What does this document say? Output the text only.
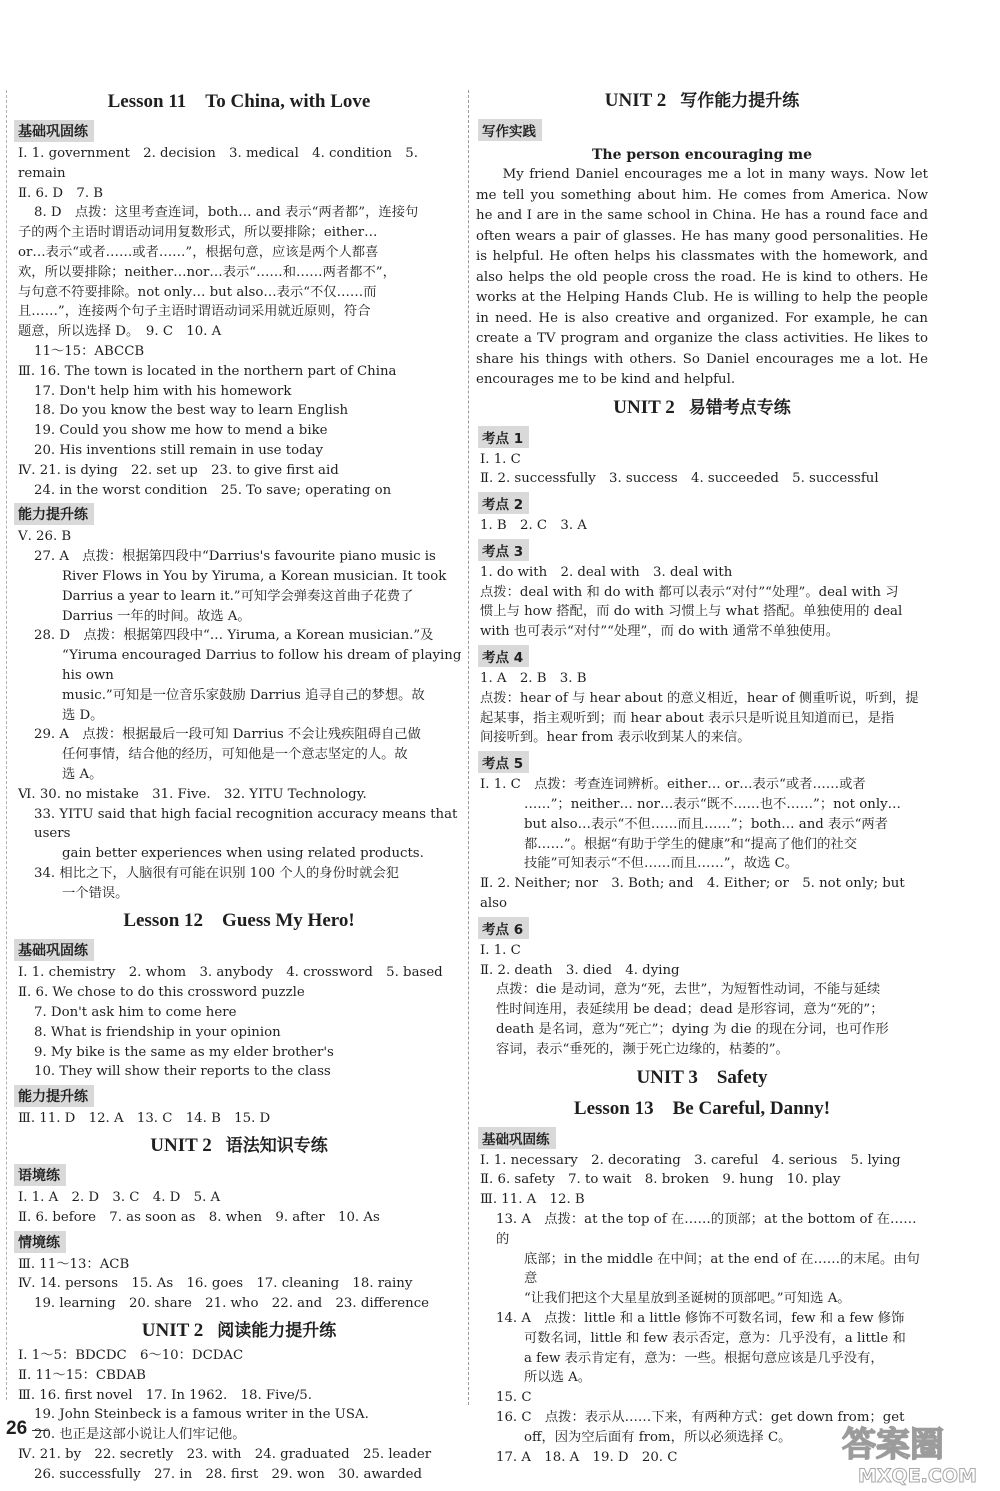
Lesson 11　To China, with Love
基础巩固练

Ⅰ. 1. government　2. decision　3. medical　4. condition　5. remain

Ⅱ. 6. D　7. B

8. D　点拨：这里考查连词，both… and 表示“两者都”，连接句

子的两个主语时谓语动词用复数形式，所以要排除；either…

or…表示“或者……或者……”，根据句意，应该是两个人都喜

欢，所以要排除；neither…nor…表示“……和……两者都不”，

与句意不符要排除。not only… but also…表示“不仅……而

且……”，连接两个句子主语时谓语动词采用就近原则，符合

题意，所以选择 D。　9. C　10. A

11～15：ABCCB

Ⅲ. 16. The town is located in the northern part of China

17. Don't help him with his homework

18. Do you know the best way to learn English

19. Could you show me how to mend a bike

20. His inventions still remain in use today

Ⅳ. 21. is dying　22. set up　23. to give first aid

24. in the worst condition　25. To save; operating on

能力提升练

Ⅴ. 26. B

27. A　点拨：根据第四段中“Darrius's favourite piano music is

River Flows in You by Yiruma, a Korean musician. It took

Darrius a year to learn it.”可知学会弹奏这首曲子花费了

Darrius 一年的时间。故选 A。

28. D　点拨：根据第四段中“… Yiruma, a Korean musician.”及

“Yiruma encouraged Darrius to follow his dream of playing his own

music.”可知是一位音乐家鼓励 Darrius 追寻自己的梦想。故

选 D。

29. A　点拨：根据最后一段可知 Darrius 不会让残疾阻碍自己做

任何事情，结合他的经历，可知他是一个意志坚定的人。故

选 A。

Ⅵ. 30. no mistake　31. Five.　32. YITU Technology.

33. YITU said that high facial recognition accuracy means that users

gain better experiences when using related products.

34. 相比之下，人脑很有可能在识别 100 个人的身份时就会犯

一个错误。

Lesson 12　Guess My Hero!
基础巩固练

Ⅰ. 1. chemistry　2. whom　3. anybody　4. crossword　5. based

Ⅱ. 6. We chose to do this crossword puzzle

7. Don't ask him to come here

8. What is friendship in your opinion

9. My bike is the same as my elder brother's

10. They will show their reports to the class

能力提升练

Ⅲ. 11. D　12. A　13. C　14. B　15. D

UNIT 2 语法知识专练
语境练

Ⅰ. 1. A　2. D　3. C　4. D　5. A

Ⅱ. 6. before　7. as soon as　8. when　9. after　10. As

情境练

Ⅲ. 11～13：ACB

Ⅳ. 14. persons　15. As　16. goes　17. cleaning　18. rainy

19. learning　20. share　21. who　22. and　23. difference

UNIT 2 阅读能力提升练

Ⅰ. 1～5：BDCDC　6～10：DCDAC

Ⅱ. 11～15：CBDAB

Ⅲ. 16. first novel　17. In 1962.　18. Five/5.

19. John Steinbeck is a famous writer in the USA.

20. 也正是这部小说让人们牢记他。

Ⅳ. 21. by　22. secretly　23. with　24. graduated　25. leader

26. successfully　27. in　28. first　29. won　30. awarded

UNIT 2 写作能力提升练
写作实践
The person encouraging me

My friend Daniel encourages me a lot in many ways. Now let me tell you something about him. He comes from America. Now he and I are in the same school in China. He has a round face and often wears a pair of glasses. He has many good personalities. He is helpful. He often helps his classmates with the homework, and also helps the old people cross the road. He is kind to others. He works at the Helping Hands Club. He is willing to help the people in need. He is also creative and organized. For example, he can create a TV program and organize the class activities. He likes to share his things with others. So Daniel encourages me a lot. He encourages me to be kind and helpful.

UNIT 2 易错考点专练
考点 1

Ⅰ. 1. C

Ⅱ. 2. successfully　3. success　4. succeeded　5. successful

考点 2

1. B　2. C　3. A

考点 3

1. do with　2. deal with　3. deal with

点拨：deal with 和 do with 都可以表示“对付”“处理”。deal with 习

惯上与 how 搭配，而 do with 习惯上与 what 搭配。单独使用的 deal

with 也可表示“对付”“处理”，而 do with 通常不单独使用。

考点 4

1. A　2. B　3. B

点拨：hear of 与 hear about 的意义相近，hear of 侧重听说，听到，提

起某事，指主观听到；而 hear about 表示只是听说且知道而已，是指

间接听到。hear from 表示收到某人的来信。

考点 5

Ⅰ. 1. C　点拨：考查连词辨析。either… or…表示“或者……或者

……”；neither… nor…表示“既不……也不……”；not only…

but also…表示“不但……而且……”；both… and 表示“两者

都……”。根据“有助于学生的健康”和“提高了他们的社交

技能”可知表示“不但……而且……”，故选 C。

Ⅱ. 2. Neither; nor　3. Both; and　4. Either; or　5. not only; but also

考点 6

Ⅰ. 1. C

Ⅱ. 2. death　3. died　4. dying

点拨：die 是动词，意为“死，去世”，为短暂性动词，不能与延续

性时间连用，表延续用 be dead；dead 是形容词，意为“死的”；

death 是名词，意为“死亡”；dying 为 die 的现在分词，也可作形

容词，表示“垂死的，濒于死亡边缘的，枯萎的”。

UNIT 3　Safety
Lesson 13　Be Careful, Danny!
基础巩固练

Ⅰ. 1. necessary　2. decorating　3. careful　4. serious　5. lying

Ⅱ. 6. safety　7. to wait　8. broken　9. hung　10. play

Ⅲ. 11. A　12. B

13. A　点拨：at the top of 在……的顶部；at the bottom of 在……的

底部；in the middle 在中间；at the end of 在……的末尾。由句意

“让我们把这个大星星放到圣诞树的顶部吧。”可知选 A。

14. A　点拨：little 和 a little 修饰不可数名词，few 和 a few 修饰

可数名词，little 和 few 表示否定，意为：几乎没有，a little 和

a few 表示肯定有，意为：一些。根据句意应该是几乎没有，

所以选 A。

15. C

16. C　点拨：表示从……下来，有两种方式：get down from；get

off，因为空后面有 from，所以必须选择 C。

17. A　18. A　19. D　20. C

26	答案圈
MXQE.COM
